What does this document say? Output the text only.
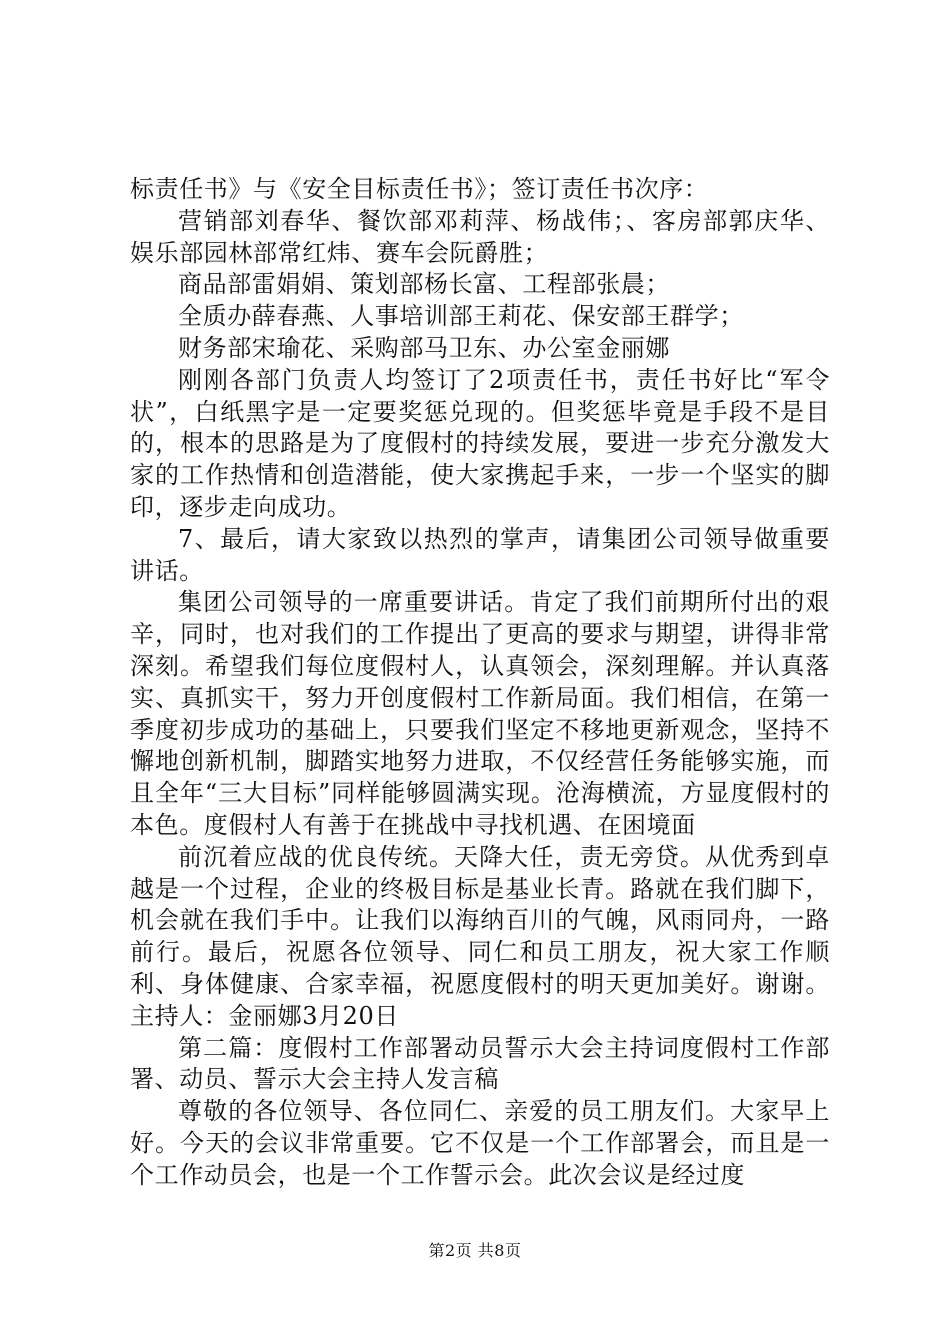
标责任书》与《安全目标责任书》；签订责任书次序：

营销部刘春华、餐饮部邓莉萍、杨战伟；、客房部郭庆华、娱乐部园林部常红炜、赛车会阮爵胜；

商品部雷娟娟、策划部杨长富、工程部张晨；

全质办薛春燕、人事培训部王莉花、保安部王群学；

财务部宋瑜花、采购部马卫东、办公室金丽娜

刚刚各部门负责人均签订了2项责任书，责任书好比“军令状”，白纸黑字是一定要奖惩兑现的。但奖惩毕竟是手段不是目的，根本的思路是为了度假村的持续发展，要进一步充分激发大家的工作热情和创造潜能，使大家携起手来，一步一个坚实的脚印，逐步走向成功。

7、最后，请大家致以热烈的掌声，请集团公司领导做重要讲话。

集团公司领导的一席重要讲话。肯定了我们前期所付出的艰辛，同时，也对我们的工作提出了更高的要求与期望，讲得非常深刻。希望我们每位度假村人，认真领会，深刻理解。并认真落实、真抓实干，努力开创度假村工作新局面。我们相信，在第一季度初步成功的基础上，只要我们坚定不移地更新观念，坚持不懈地创新机制，脚踏实地努力进取，不仅经营任务能够实施，而且全年“三大目标”同样能够圆满实现。沧海横流，方显度假村的本色。度假村人有善于在挑战中寻找机遇、在困境面

前沉着应战的优良传统。天降大任，责无旁贷。从优秀到卓越是一个过程，企业的终极目标是基业长青。路就在我们脚下，机会就在我们手中。让我们以海纳百川的气魄，风雨同舟，一路前行。最后，祝愿各位领导、同仁和员工朋友，祝大家工作顺利、身体健康、合家幸福，祝愿度假村的明天更加美好。谢谢。主持人：金丽娜3月20日

第二篇：度假村工作部署动员誓示大会主持词度假村工作部署、动员、誓示大会主持人发言稿

尊敬的各位领导、各位同仁、亲爱的员工朋友们。大家早上好。今天的会议非常重要。它不仅是一个工作部署会，而且是一个工作动员会，也是一个工作誓示会。此次会议是经过度

第2页 共8页
